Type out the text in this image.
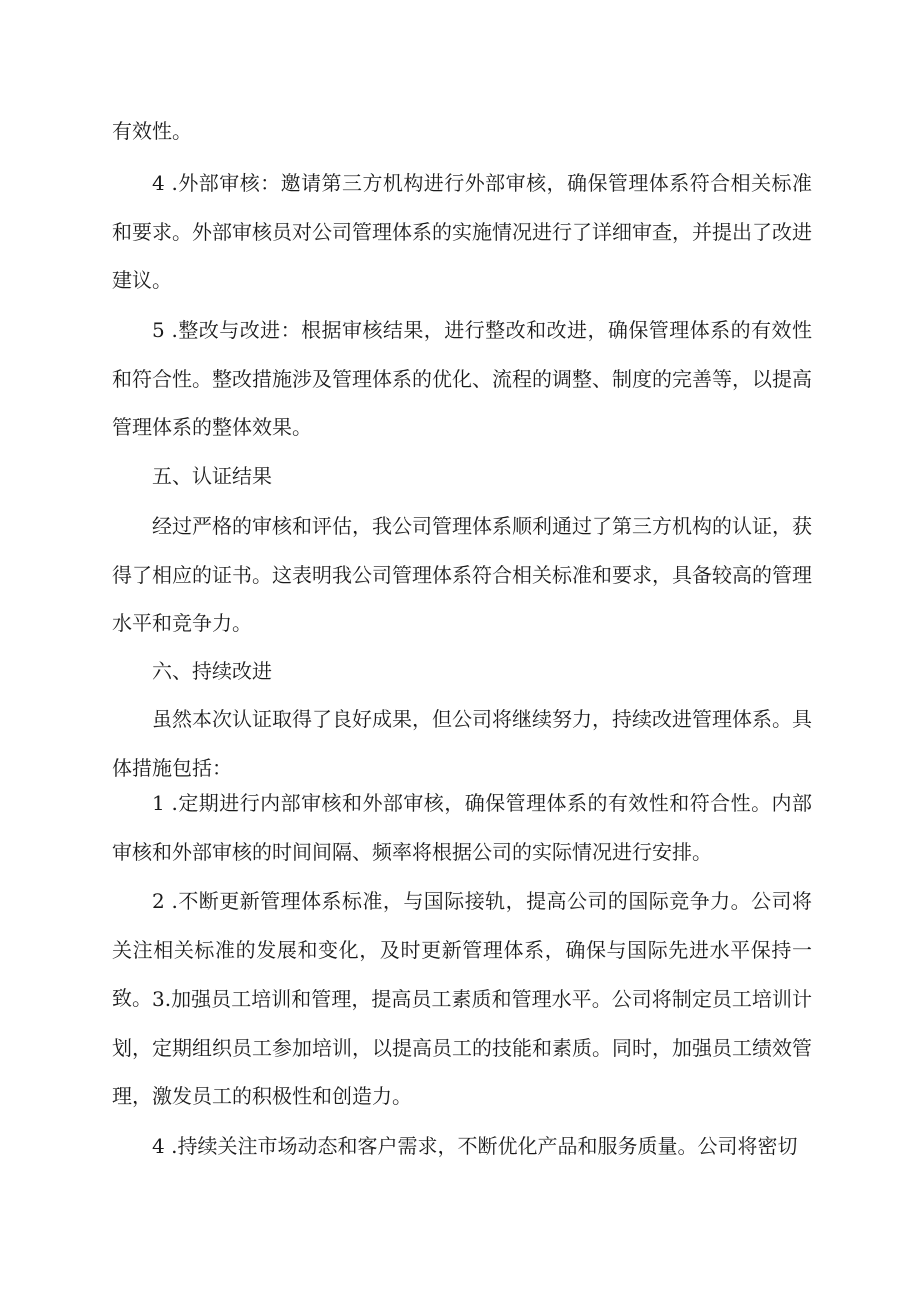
有效性。

4 .外部审核：邀请第三方机构进行外部审核，确保管理体系符合相关标准和要求。外部审核员对公司管理体系的实施情况进行了详细审查，并提出了改进建议。

5 .整改与改进：根据审核结果，进行整改和改进，确保管理体系的有效性和符合性。整改措施涉及管理体系的优化、流程的调整、制度的完善等，以提高管理体系的整体效果。

五、认证结果

经过严格的审核和评估，我公司管理体系顺利通过了第三方机构的认证，获得了相应的证书。这表明我公司管理体系符合相关标准和要求，具备较高的管理水平和竞争力。

六、持续改进

虽然本次认证取得了良好成果，但公司将继续努力，持续改进管理体系。具体措施包括：

1 .定期进行内部审核和外部审核，确保管理体系的有效性和符合性。内部审核和外部审核的时间间隔、频率将根据公司的实际情况进行安排。

2 .不断更新管理体系标准，与国际接轨，提高公司的国际竞争力。公司将关注相关标准的发展和变化，及时更新管理体系，确保与国际先进水平保持一致。 3.加强员工培训和管理，提高员工素质和管理水平。公司将制定员工培训计划，定期组织员工参加培训，以提高员工的技能和素质。同时，加强员工绩效管理，激发员工的积极性和创造力。

4 .持续关注市场动态和客户需求，不断优化产品和服务质量。公司将密切
